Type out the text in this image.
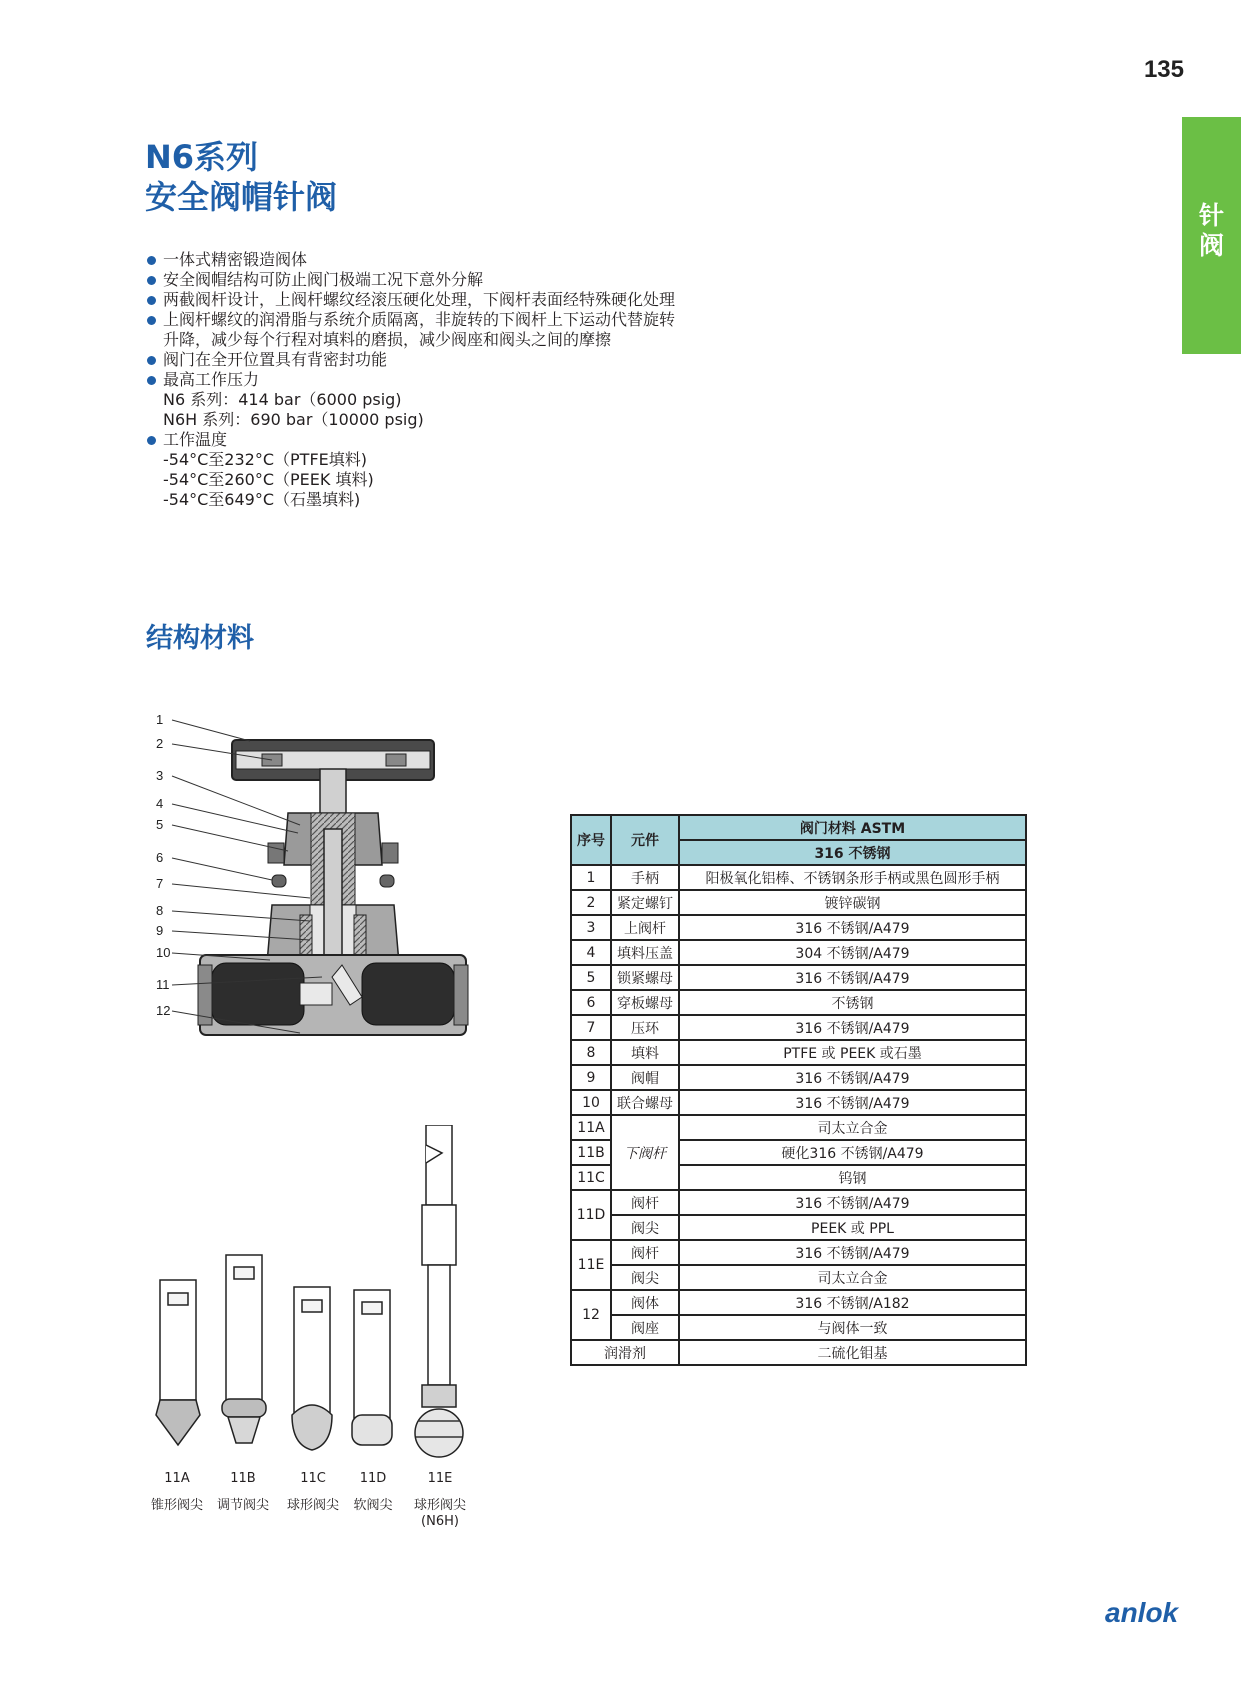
135
针
阀
N6系列
安全阀帽针阀
一体式精密锻造阀体
安全阀帽结构可防止阀门极端工况下意外分解
两截阀杆设计，上阀杆螺纹经滚压硬化处理，下阀杆表面经特殊硬化处理
上阀杆螺纹的润滑脂与系统介质隔离，非旋转的下阀杆上下运动代替旋转
升降，减少每个行程对填料的磨损，减少阀座和阀头之间的摩擦
阀门在全开位置具有背密封功能
最高工作压力
N6 系列：414 bar（6000 psig)
N6H 系列：690 bar（10000 psig)
工作温度
-54°C至232°C（PTFE填料)
-54°C至260°C（PEEK 填料)
-54°C至649°C（石墨填料)
结构材料
1
2
3
4
5
6
7
8
9
10
11
12
11A
锥形阀尖
11B
调节阀尖
11C
球形阀尖
11D
软阀尖
11E
球形阀尖
(N6H)
序号	元件	阀门材料 ASTM
		316 不锈钢
1	手柄	阳极氧化铝棒、不锈钢条形手柄或黑色圆形手柄
2	紧定螺钉	镀锌碳钢
3	上阀杆	316 不锈钢/A479
4	填料压盖	304 不锈钢/A479
5	锁紧螺母	316 不锈钢/A479
6	穿板螺母	不锈钢
7	压环	316 不锈钢/A479
8	填料	PTFE 或 PEEK 或石墨
9	阀帽	316 不锈钢/A479
10	联合螺母	316 不锈钢/A479
11A	下阀杆	司太立合金
11B		硬化316 不锈钢/A479
11C		钨钢
11D	阀杆	316 不锈钢/A479
	阀尖	PEEK 或 PPL
11E	阀杆	316 不锈钢/A479
	阀尖	司太立合金
12	阀体	316 不锈钢/A182
	阀座	与阀体一致
润滑剂		二硫化钼基
anlok
